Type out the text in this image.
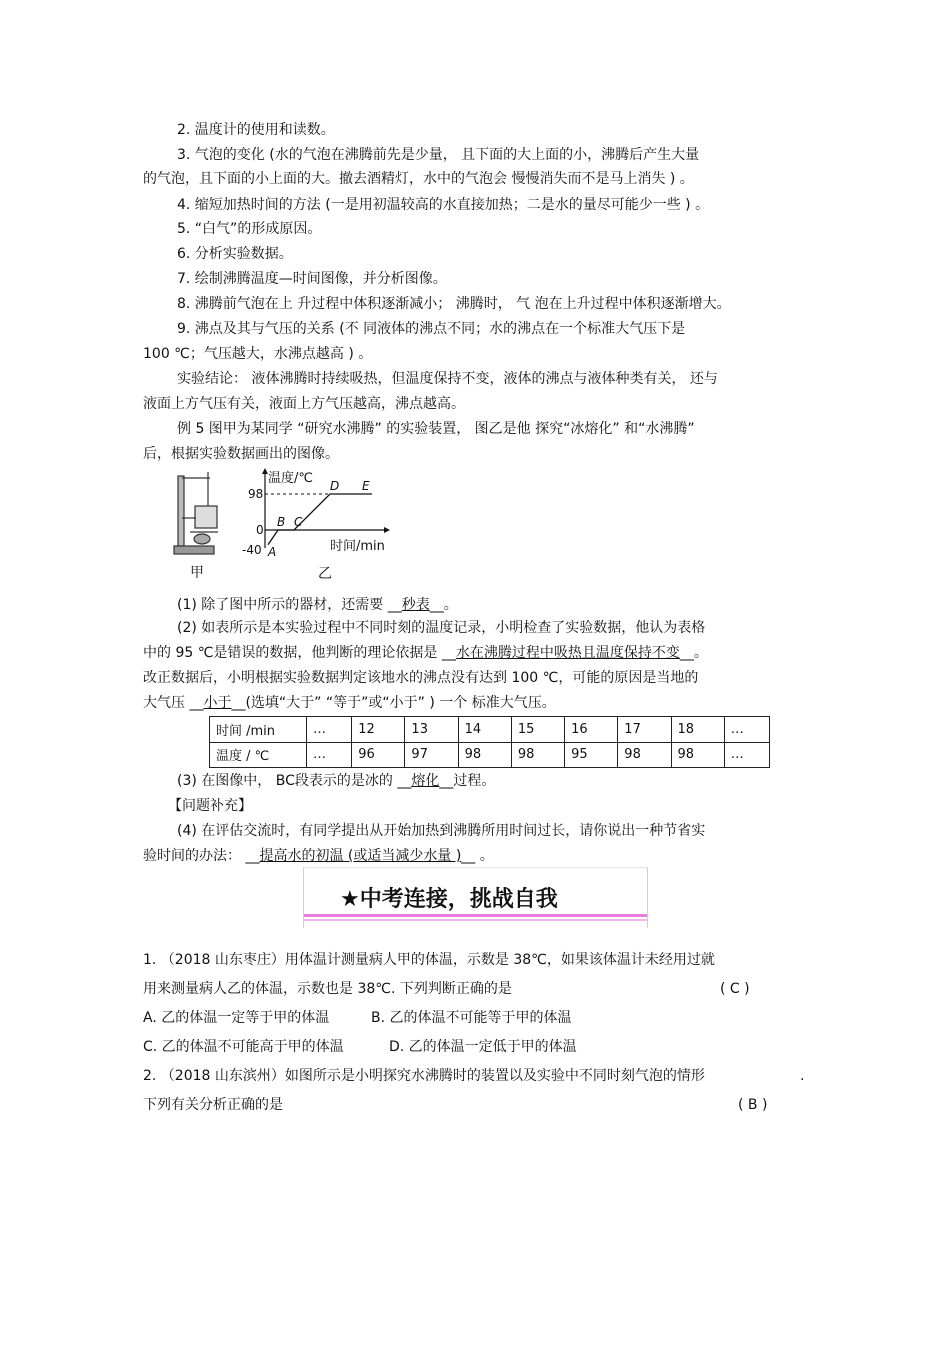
2. 温度计的使用和读数。
3. 气泡的变化 (水的气泡在沸腾前先是少量， 且下面的大上面的小，沸腾后产生大量
的气泡，且下面的小上面的大。撤去酒精灯，水中的气泡会 慢慢消失而不是马上消失 ) 。
4. 缩短加热时间的方法 (一是用初温较高的水直接加热；二是水的量尽可能少一些 ) 。
5. “白气”的形成原因。
6. 分析实验数据。
7. 绘制沸腾温度—时间图像，并分析图像。
8. 沸腾前气泡在上 升过程中体积逐渐减小； 沸腾时， 气 泡在上升过程中体积逐渐增大。
9. 沸点及其与气压的关系 (不 同液体的沸点不同；水的沸点在一个标准大气压下是
100 ℃；气压越大，水沸点越高 ) 。
实验结论： 液体沸腾时持续吸热，但温度保持不变，液体的沸点与液体种类有关， 还与
液面上方气压有关，液面上方气压越高，沸点越高。
例 5 图甲为某同学 “研究水沸腾” 的实验装置， 图乙是他 探究“冰熔化” 和“水沸腾”
后，根据实验数据画出的图像。
甲
温度/℃
时间/min
98
0
-40 A
B C
D E
乙
(1) 除了图中所示的器材，还需要 __秒表__。
(2) 如表所示是本实验过程中不同时刻的温度记录，小明检查了实验数据，他认为表格
中的 95 ℃是错误的数据，他判断的理论依据是 __水在沸腾过程中吸热且温度保持不变__。
改正数据后，小明根据实验数据判定该地水的沸点没有达到 100 ℃，可能的原因是当地的
大气压 __小于__(选填“大于” “等于”或“小于” ) 一个 标准大气压。
时间 /min	…	12	13	14	15	16	17	18	…
温度 / ℃	…	96	97	98	98	95	98	98	…
(3) 在图像中， BC段表示的是冰的 __熔化__过程。
【问题补充】
(4) 在评估交流时，有同学提出从开始加热到沸腾所用时间过长，请你说出一种节省实
验时间的办法： __提高水的初温 (或适当减少水量 )__ 。
★中考连接，挑战自我
1. （2018 山东枣庄）用体温计测量病人甲的体温，示数是 38℃，如果该体温计未经用过就
用来测量病人乙的体温，示数也是 38℃. 下列判断正确的是	( C )
A. 乙的体温一定等于甲的体温	B. 乙的体温不可能等于甲的体温
C. 乙的体温不可能高于甲的体温	D. 乙的体温一定低于甲的体温
2. （2018 山东滨州）如图所示是小明探究水沸腾时的装置以及实验中不同时刻气泡的情形	.
下列有关分析正确的是	( B )
